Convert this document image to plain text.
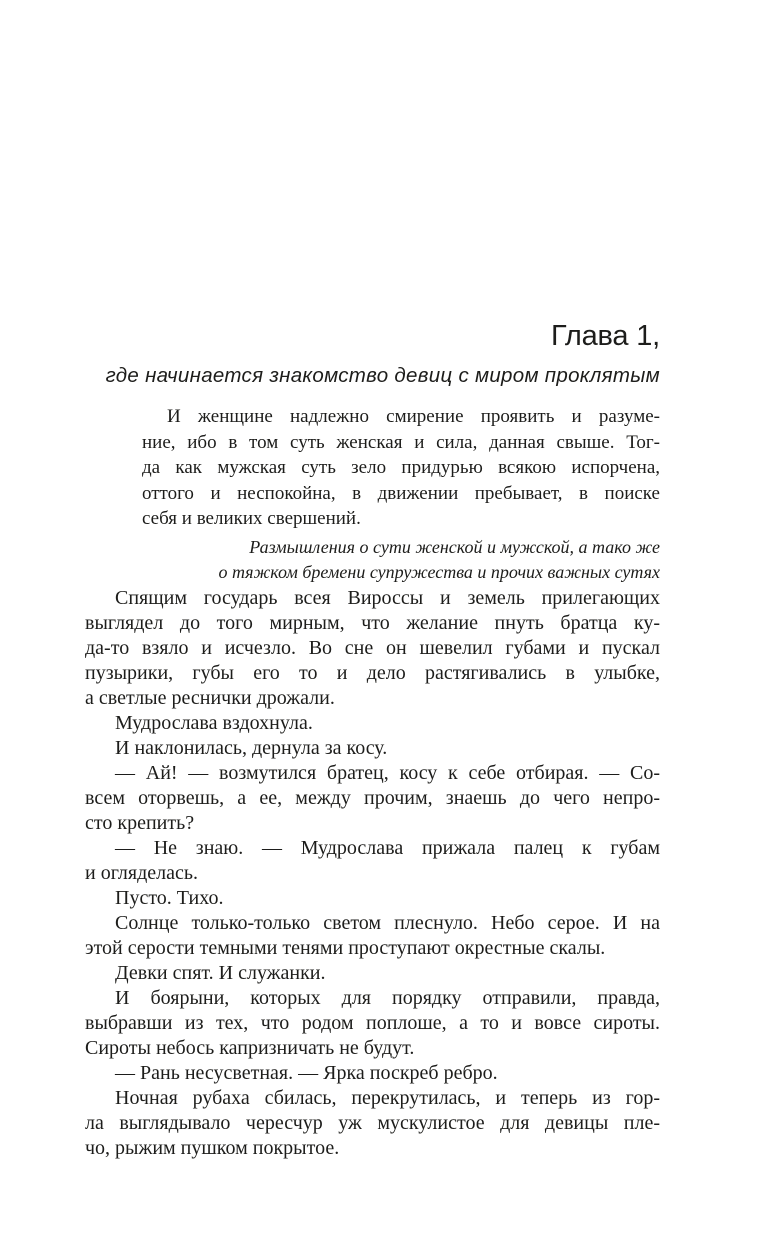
Глава 1,
где начинается знакомство девиц с миром проклятым
И женщине надлежно смирение проявить и разуме-
ние, ибо в том суть женская и сила, данная свыше. Тог-
да как мужская суть зело придурью всякою испорчена,
оттого и неспокойна, в движении пребывает, в поиске
себя и великих свершений.
Размышления о сути женской и мужской, а тако же
о тяжком бремени супружества и прочих важных сутях
Спящим государь всея Вироссы и земель прилегающих
выглядел до того мирным, что желание пнуть братца ку-
да-то взяло и исчезло. Во сне он шевелил губами и пускал
пузырики, губы его то и дело растягивались в улыбке,
а светлые реснички дрожали.
Мудрослава вздохнула.
И наклонилась, дернула за косу.
— Ай! — возмутился братец, косу к себе отбирая. — Со-
всем оторвешь, а ее, между прочим, знаешь до чего непро-
сто крепить?
— Не знаю. — Мудрослава прижала палец к губам
и огляделась.
Пусто. Тихо.
Солнце только-только светом плеснуло. Небо серое. И на
этой серости темными тенями проступают окрестные скалы.
Девки спят. И служанки.
И боярыни, которых для порядку отправили, правда,
выбравши из тех, что родом поплоше, а то и вовсе сироты.
Сироты небось капризничать не будут.
— Рань несусветная. — Ярка поскреб ребро.
Ночная рубаха сбилась, перекрутилась, и теперь из гор-
ла выглядывало чересчур уж мускулистое для девицы пле-
чо, рыжим пушком покрытое.
